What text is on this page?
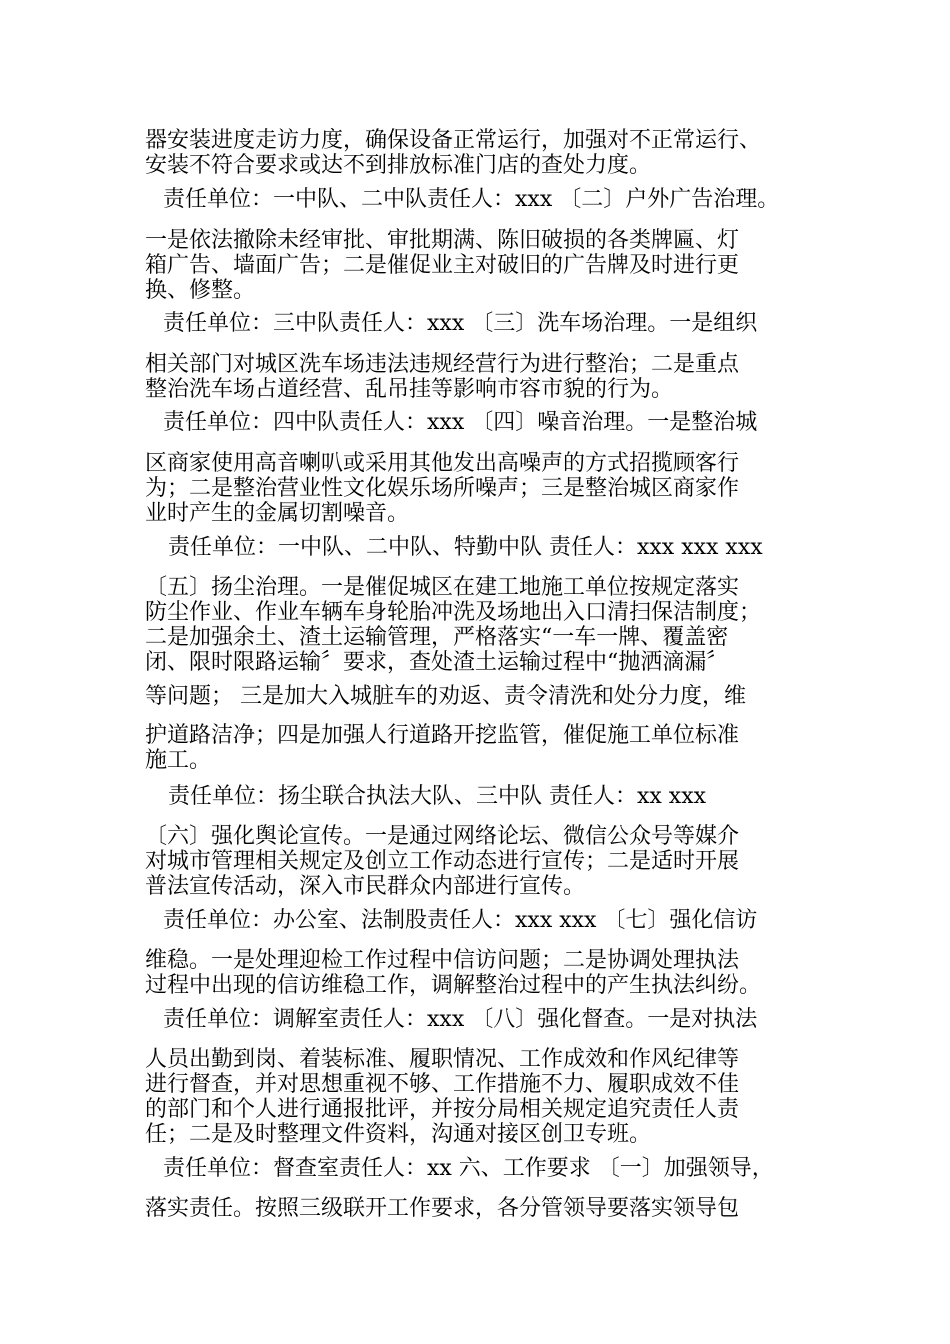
器安装进度走访力度，确保设备正常运行，加强对不正常运行、

安装不符合要求或达不到排放标准门店的查处力度。

责任单位：一中队、二中队责任人：xxx 〔二〕户外广告治理。

一是依法撤除未经审批、审批期满、陈旧破损的各类牌匾、灯

箱广告、墙面广告；二是催促业主对破旧的广告牌及时进行更

换、修整。

责任单位：三中队责任人：xxx 〔三〕洗车场治理。一是组织

相关部门对城区洗车场违法违规经营行为进行整治；二是重点

整治洗车场占道经营、乱吊挂等影响市容市貌的行为。

责任单位：四中队责任人：xxx 〔四〕噪音治理。一是整治城

区商家使用高音喇叭或采用其他发出高噪声的方式招揽顾客行

为；二是整治营业性文化娱乐场所噪声；三是整治城区商家作

业时产生的金属切割噪音。

责任单位：一中队、二中队、特勤中队 责任人：xxx xxx xxx

〔五〕扬尘治理。一是催促城区在建工地施工单位按规定落实

防尘作业、作业车辆车身轮胎冲洗及场地出入口清扫保洁制度；

二是加强余土、渣土运输管理，严格落实“一车一牌、覆盖密

闭、限时限路运输〞要求，查处渣土运输过程中“抛洒滴漏〞

等问题； 三是加大入城脏车的劝返、责令清洗和处分力度，维

护道路洁净；四是加强人行道路开挖监管，催促施工单位标准

施工。

责任单位：扬尘联合执法大队、三中队 责任人：xx xxx

〔六〕强化舆论宣传。一是通过网络论坛、微信公众号等媒介

对城市管理相关规定及创立工作动态进行宣传；二是适时开展

普法宣传活动，深入市民群众内部进行宣传。

责任单位：办公室、法制股责任人：xxx xxx 〔七〕强化信访

维稳。一是处理迎检工作过程中信访问题；二是协调处理执法

过程中出现的信访维稳工作，调解整治过程中的产生执法纠纷。

责任单位：调解室责任人：xxx 〔八〕强化督查。一是对执法

人员出勤到岗、着装标准、履职情况、工作成效和作风纪律等

进行督查，并对思想重视不够、工作措施不力、履职成效不佳

的部门和个人进行通报批评，并按分局相关规定追究责任人责

任；二是及时整理文件资料，沟通对接区创卫专班。

责任单位：督查室责任人：xx 六、工作要求 〔一〕加强领导，

落实责任。按照三级联开工作要求，各分管领导要落实领导包
